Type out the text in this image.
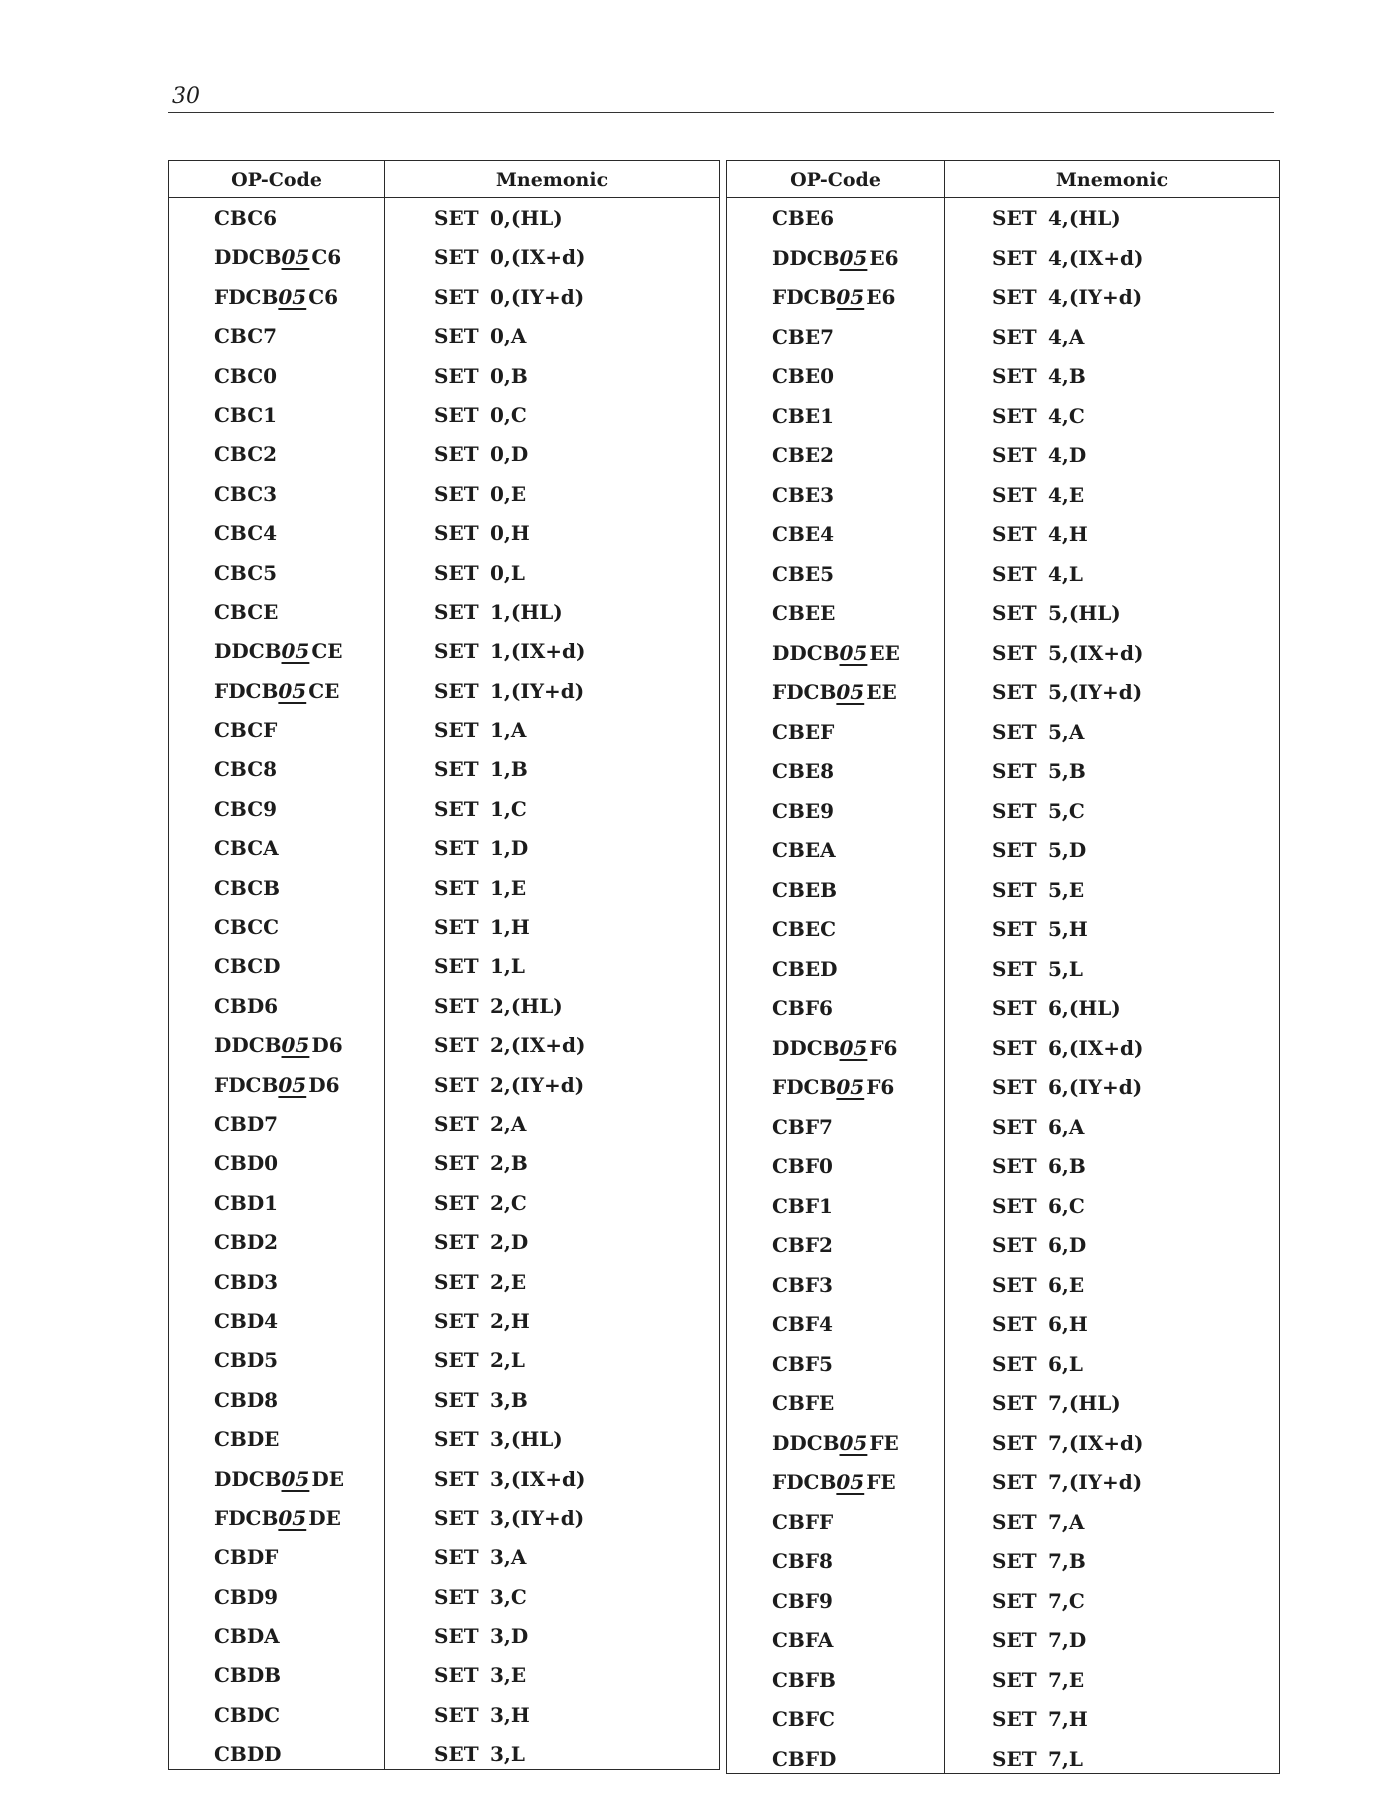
30
OP-Code	Mnemonic
CBC6	SET 0,(HL)
DDCB05 C6	SET 0,(IX+d)
FDCB05 C6	SET 0,(IY+d)
CBC7	SET 0,A
CBC0	SET 0,B
CBC1	SET 0,C
CBC2	SET 0,D
CBC3	SET 0,E
CBC4	SET 0,H
CBC5	SET 0,L
CBCE	SET 1,(HL)
DDCB05 CE	SET 1,(IX+d)
FDCB05 CE	SET 1,(IY+d)
CBCF	SET 1,A
CBC8	SET 1,B
CBC9	SET 1,C
CBCA	SET 1,D
CBCB	SET 1,E
CBCC	SET 1,H
CBCD	SET 1,L
CBD6	SET 2,(HL)
DDCB05 D6	SET 2,(IX+d)
FDCB05 D6	SET 2,(IY+d)
CBD7	SET 2,A
CBD0	SET 2,B
CBD1	SET 2,C
CBD2	SET 2,D
CBD3	SET 2,E
CBD4	SET 2,H
CBD5	SET 2,L
CBD8	SET 3,B
CBDE	SET 3,(HL)
DDCB05 DE	SET 3,(IX+d)
FDCB05 DE	SET 3,(IY+d)
CBDF	SET 3,A
CBD9	SET 3,C
CBDA	SET 3,D
CBDB	SET 3,E
CBDC	SET 3,H
CBDD	SET 3,L
OP-Code	Mnemonic
CBE6	SET 4,(HL)
DDCB05 E6	SET 4,(IX+d)
FDCB05 E6	SET 4,(IY+d)
CBE7	SET 4,A
CBE0	SET 4,B
CBE1	SET 4,C
CBE2	SET 4,D
CBE3	SET 4,E
CBE4	SET 4,H
CBE5	SET 4,L
CBEE	SET 5,(HL)
DDCB05 EE	SET 5,(IX+d)
FDCB05 EE	SET 5,(IY+d)
CBEF	SET 5,A
CBE8	SET 5,B
CBE9	SET 5,C
CBEA	SET 5,D
CBEB	SET 5,E
CBEC	SET 5,H
CBED	SET 5,L
CBF6	SET 6,(HL)
DDCB05 F6	SET 6,(IX+d)
FDCB05 F6	SET 6,(IY+d)
CBF7	SET 6,A
CBF0	SET 6,B
CBF1	SET 6,C
CBF2	SET 6,D
CBF3	SET 6,E
CBF4	SET 6,H
CBF5	SET 6,L
CBFE	SET 7,(HL)
DDCB05 FE	SET 7,(IX+d)
FDCB05 FE	SET 7,(IY+d)
CBFF	SET 7,A
CBF8	SET 7,B
CBF9	SET 7,C
CBFA	SET 7,D
CBFB	SET 7,E
CBFC	SET 7,H
CBFD	SET 7,L
